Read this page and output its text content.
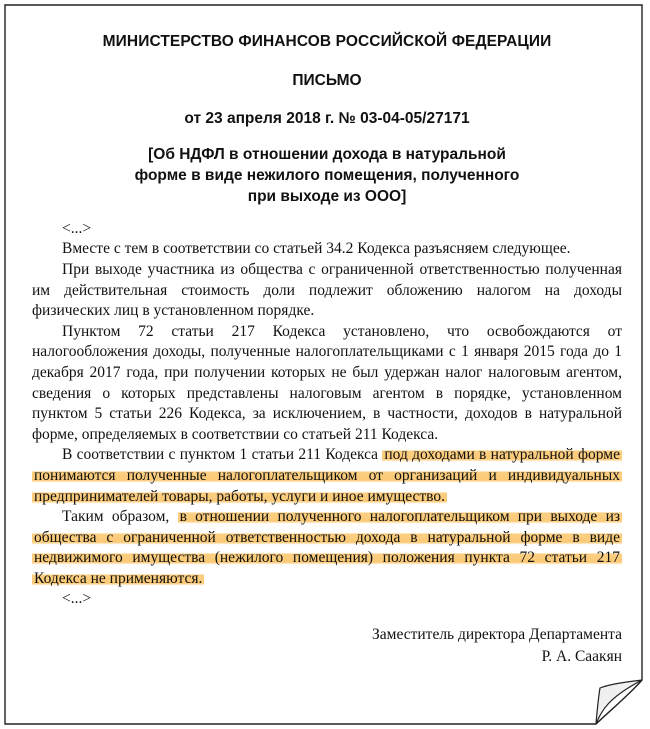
МИНИСТЕРСТВО ФИНАНСОВ РОССИЙСКОЙ ФЕДЕРАЦИИ
ПИСЬМО
от 23 апреля 2018 г. № 03-04-05/27171
[Об НДФЛ в отношении дохода в натуральной
форме в виде нежилого помещения, полученного
при выходе из ООО]
<...>

Вместе с тем в соответствии со статьей 34.2 Кодекса разъясняем следующее.

При выходе участника из общества с ограниченной ответственностью полученная им действительная стоимость доли подлежит обложению налогом на доходы физических лиц в установленном порядке.

Пунктом 72 статьи 217 Кодекса установлено, что освобождаются от налогообложения доходы, полученные налогоплательщиками с 1 января 2015 года до 1 декабря 2017 года, при получении которых не был удержан налог налоговым агентом, сведения о которых представлены налоговым агентом в порядке, установленном пунктом 5 статьи 226 Кодекса, за исключением, в частности, доходов в натуральной форме, определяемых в соответствии со статьей 211 Кодекса.

В соответствии с пунктом 1 статьи 211 Кодекса под доходами в натуральной форме понимаются полученные налогоплательщиком от организаций и индивидуальных предпринимателей товары, работы, услуги и иное имущество.

Таким образом, в отношении полученного налогоплательщиком при выходе из общества с ограниченной ответственностью дохода в натуральной форме в виде недвижимого имущества (нежилого помещения) положения пункта 72 статьи 217 Кодекса не применяются.

<...>
Заместитель директора Департамента
Р. А. Саакян
